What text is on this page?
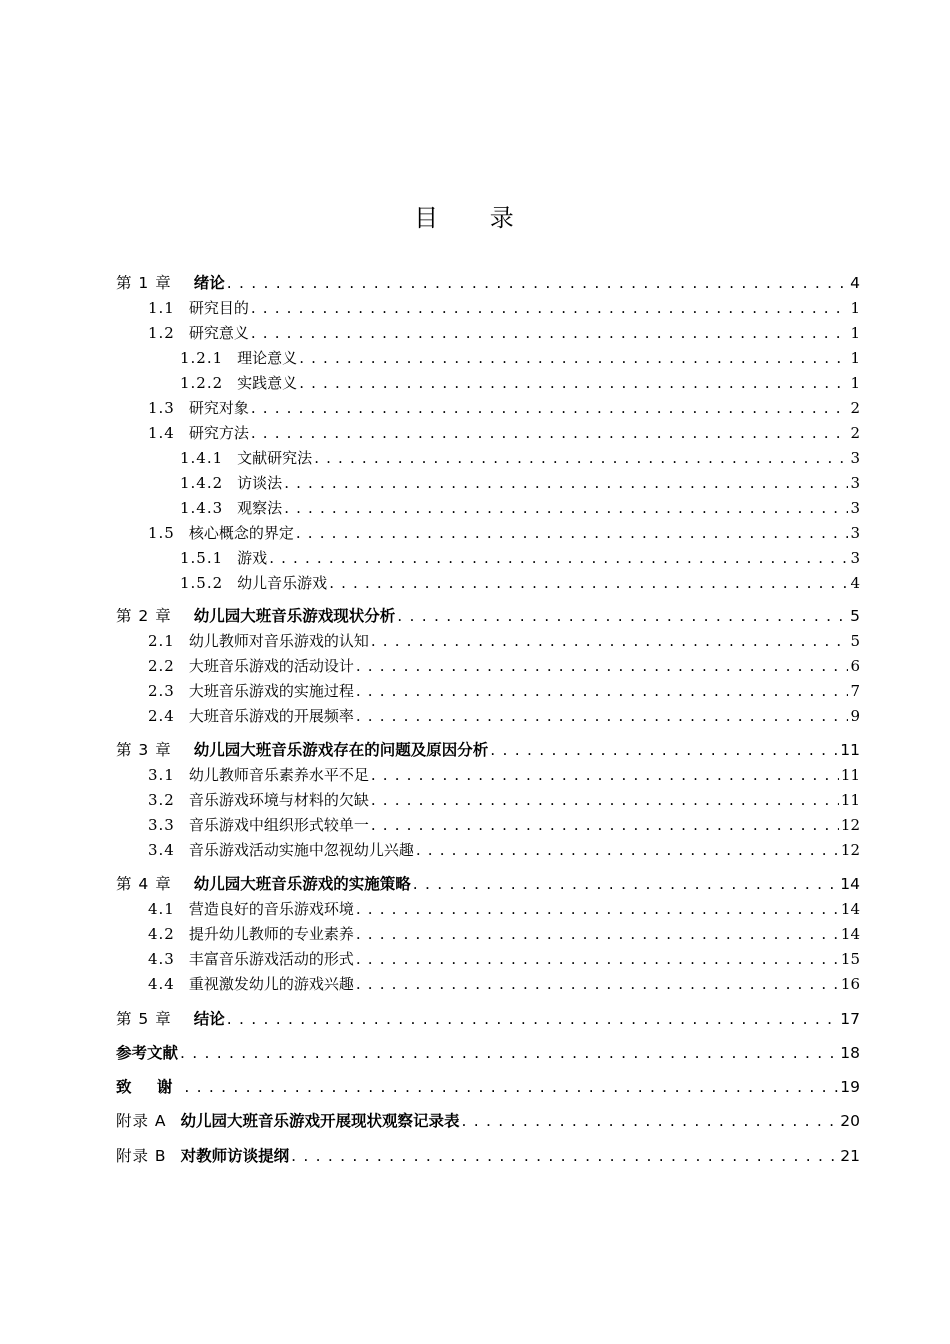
目 录
第 1 章 绪论 . . .	4
1.1 研究目的 . . .	1
1.2 研究意义 . . .	1
1.2.1 理论意义 . . .	1
1.2.2 实践意义 . . .	1
1.3 研究对象 . . .	2
1.4 研究方法 . . .	2
1.4.1 文献研究法 . . .	3
1.4.2 访谈法 . . .	3
1.4.3 观察法 . . .	3
1.5 核心概念的界定 . . .	3
1.5.1 游戏 . . .	3
1.5.2 幼儿音乐游戏 . . .	4
第 2 章 幼儿园大班音乐游戏现状分析 . . .	5
2.1 幼儿教师对音乐游戏的认知 . . .	5
2.2 大班音乐游戏的活动设计 . . .	6
2.3 大班音乐游戏的实施过程 . . .	7
2.4 大班音乐游戏的开展频率 . . .	9
第 3 章 幼儿园大班音乐游戏存在的问题及原因分析 . . .	11
3.1 幼儿教师音乐素养水平不足 . . .	11
3.2 音乐游戏环境与材料的欠缺 . . .	11
3.3 音乐游戏中组织形式较单一 . . .	12
3.4 音乐游戏活动实施中忽视幼儿兴趣 . . .	12
第 4 章 幼儿园大班音乐游戏的实施策略 . . .	14
4.1 营造良好的音乐游戏环境 . . .	14
4.2 提升幼儿教师的专业素养 . . .	14
4.3 丰富音乐游戏活动的形式 . . .	15
4.4 重视激发幼儿的游戏兴趣 . . .	16
第 5 章 结论 . . .	17
参考文献 . . .	18
致 谢 . . .	19
附录 A 幼儿园大班音乐游戏开展现状观察记录表 . . .	20
附录 B 对教师访谈提纲 . . .	21
